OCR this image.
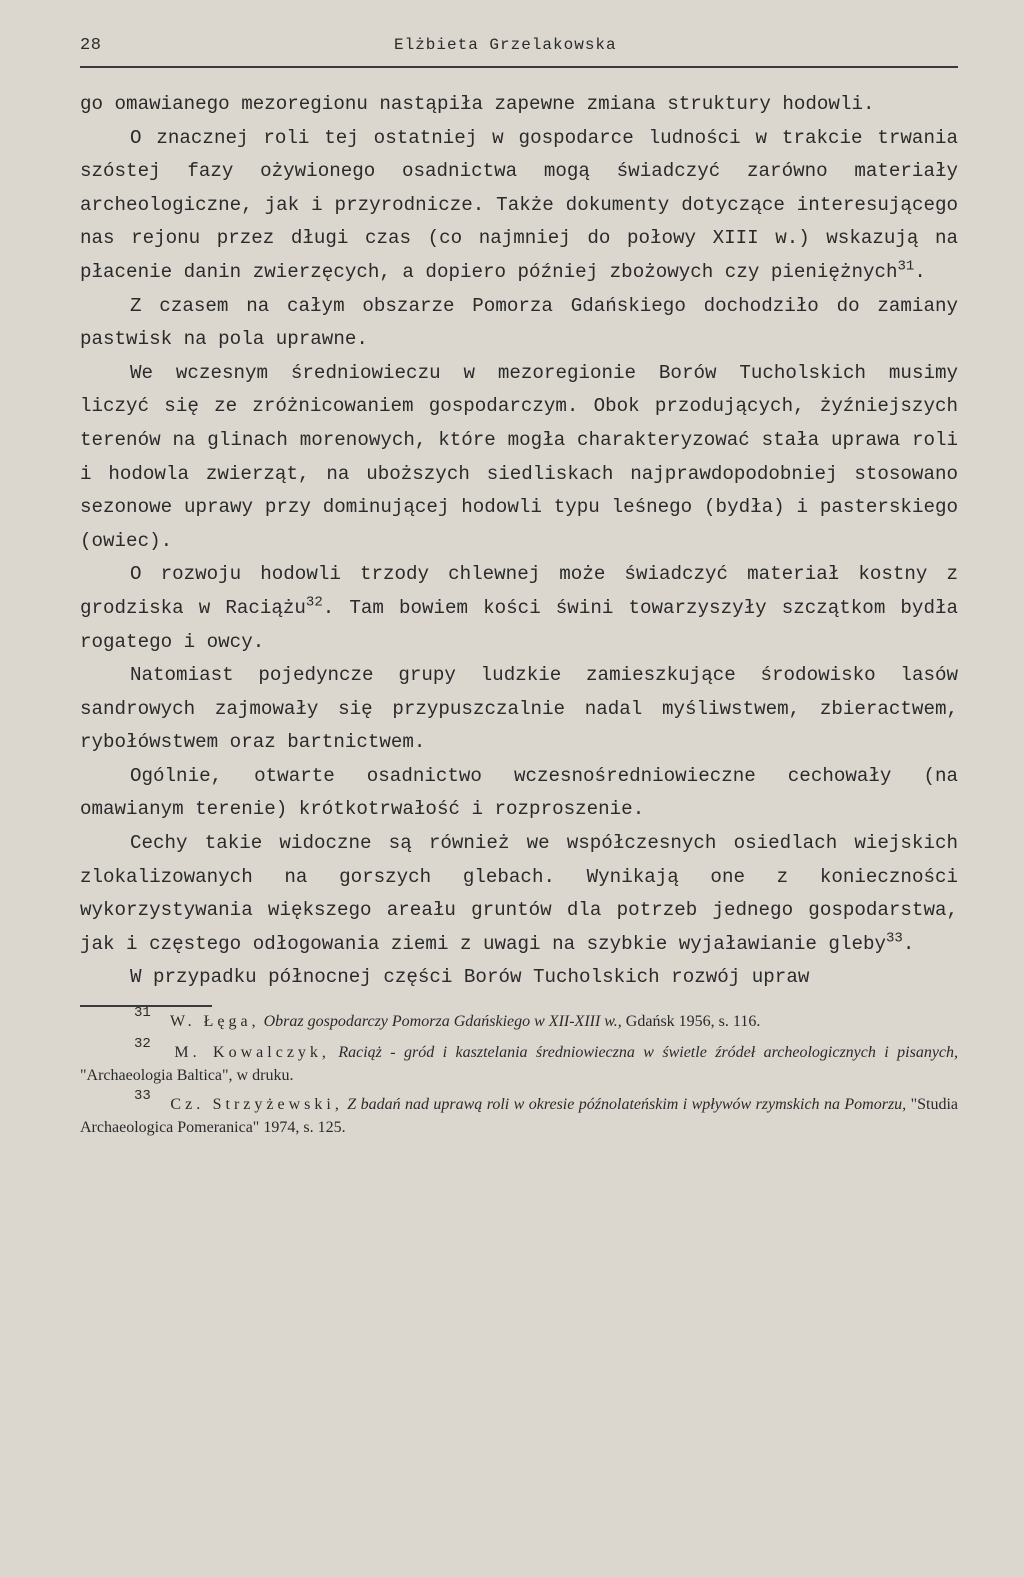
28	Elżbieta Grzelakowska

go omawianego mezoregionu nastąpiła zapewne zmiana struktury hodowli.

O znacznej roli tej ostatniej w gospodarce ludności w trakcie trwania szóstej fazy ożywionego osadnictwa mogą świadczyć zarówno materiały archeologiczne, jak i przyrodnicze. Także dokumenty dotyczące interesującego nas rejonu przez długi czas (co najmniej do połowy XIII w.) wskazują na płacenie danin zwierzęcych, a dopiero później zbożowych czy pieniężnych$^{31}$.

Z czasem na całym obszarze Pomorza Gdańskiego dochodziło do zamiany pastwisk na pola uprawne.

We wczesnym średniowieczu w mezoregionie Borów Tucholskich musimy liczyć się ze zróżnicowaniem gospodarczym. Obok przodujących, żyźniejszych terenów na glinach morenowych, które mogła charakteryzować stała uprawa roli i hodowla zwierząt, na uboższych siedliskach najprawdopodobniej stosowano sezonowe uprawy przy dominującej hodowli typu leśnego (bydła) i pasterskiego (owiec).

O rozwoju hodowli trzody chlewnej może świadczyć materiał kostny z grodziska w Raciążu$^{32}$. Tam bowiem kości świni towarzyszyły szczątkom bydła rogatego i owcy.

Natomiast pojedyncze grupy ludzkie zamieszkujące środowisko lasów sandrowych zajmowały się przypuszczalnie nadal myśliwstwem, zbieractwem, rybołówstwem oraz bartnictwem.

Ogólnie, otwarte osadnictwo wczesnośredniowieczne cechowały (na omawianym terenie) krótkotrwałość i rozproszenie.

Cechy takie widoczne są również we współczesnych osiedlach wiejskich zlokalizowanych na gorszych glebach. Wynikają one z konieczności wykorzystywania większego areału gruntów dla potrzeb jednego gospodarstwa, jak i częstego odłogowania ziemi z uwagi na szybkie wyjaławianie gleby$^{33}$.

W przypadku północnej części Borów Tucholskich rozwój upraw

31 W. Łęga, Obraz gospodarczy Pomorza Gdańskiego w XII-XIII w., Gdańsk 1956, s. 116.

32 M. Kowalczyk, Raciąż - gród i kasztelania średniowieczna w świetle źródeł archeologicznych i pisanych, "Archaeologia Baltica", w druku.

33 Cz. Strzyżewski, Z badań nad uprawą roli w okresie późnolateńskim i wpływów rzymskich na Pomorzu, "Studia Archaeologica Pomeranica" 1974, s. 125.
